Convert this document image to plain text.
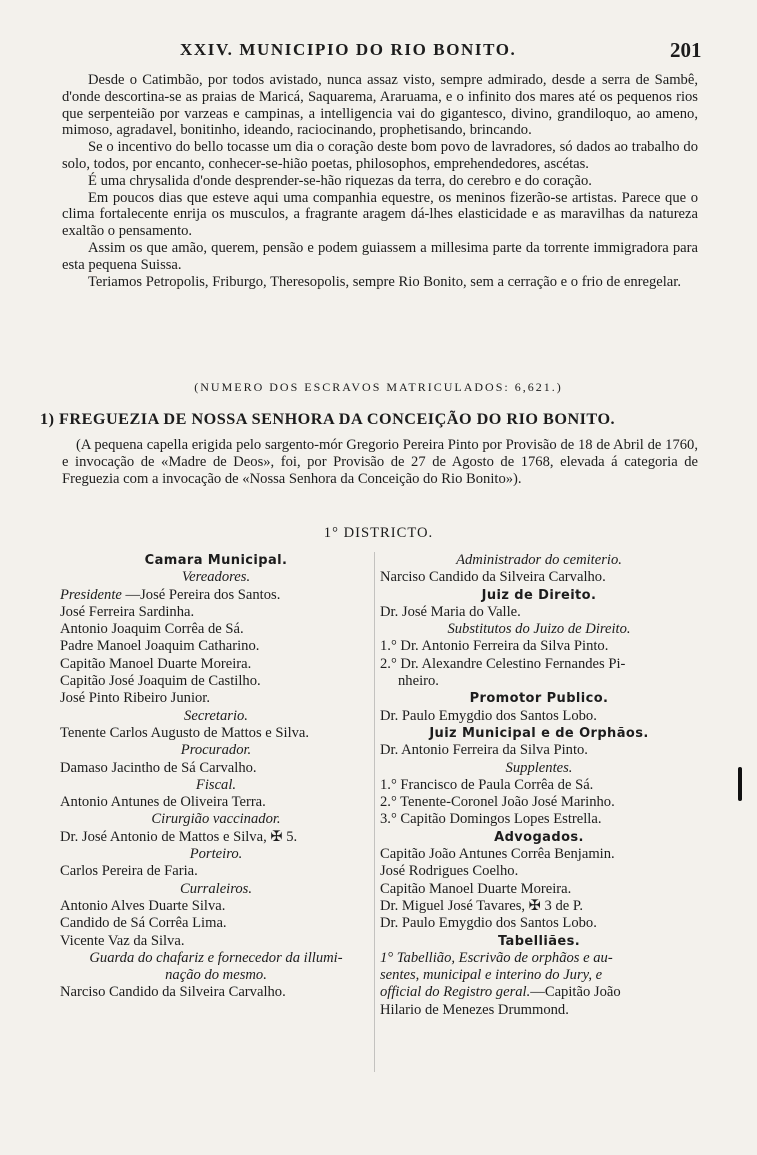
XXIV. MUNICIPIO DO RIO BONITO.	201

Desde o Catimbão, por todos avistado, nunca assaz visto, sempre admirado, desde a serra de Sambê, d'onde descortina-se as praias de Maricá, Saquarema, Araruama, e o infinito dos mares até os pequenos rios que serpenteião por varzeas e campinas, a intelligencia vai do gigantesco, divino, grandiloquo, ao ameno, mimoso, agradavel, bonitinho, ideando, raciocinando, prophetisando, brincando.

Se o incentivo do bello tocasse um dia o coração deste bom povo de lavradores, só dados ao trabalho do solo, todos, por encanto, conhecer-se-hião poetas, philosophos, emprehendedores, ascétas.

É uma chrysalida d'onde desprender-se-hão riquezas da terra, do cerebro e do coração.

Em poucos dias que esteve aqui uma companhia equestre, os meninos fizerão-se artistas. Parece que o clima fortalecente enrija os musculos, a fragrante aragem dá-lhes elasticidade e as maravilhas da natureza exaltão o pensamento.

Assim os que amão, querem, pensão e podem guiassem a millesima parte da torrente immigradora para esta pequena Suissa.

Teriamos Petropolis, Friburgo, Theresopolis, sempre Rio Bonito, sem a cerração e o frio de enregelar.

(NUMERO DOS ESCRAVOS MATRICULADOS: 6,621.)
1) FREGUEZIA DE NOSSA SENHORA DA CONCEIÇÃO DO RIO BONITO.
(A pequena capella erigida pelo sargento-mór Gregorio Pereira Pinto por Provisão de 18 de Abril de 1760, e invocação de «Madre de Deos», foi, por Provisão de 27 de Agosto de 1768, elevada á categoria de Freguezia com a invocação de «Nossa Senhora da Conceição do Rio Bonito»).
1° DISTRICTO.
Camara Municipal.
Vereadores.
Presidente —José Pereira dos Santos.
José Ferreira Sardinha.
Antonio Joaquim Corrêa de Sá.
Padre Manoel Joaquim Catharino.
Capitão Manoel Duarte Moreira.
Capitão José Joaquim de Castilho.
José Pinto Ribeiro Junior.
Secretario.
Tenente Carlos Augusto de Mattos e Silva.
Procurador.
Damaso Jacintho de Sá Carvalho.
Fiscal.
Antonio Antunes de Oliveira Terra.
Cirurgião vaccinador.
Dr. José Antonio de Mattos e Silva, ✠ 5.
Porteiro.
Carlos Pereira de Faria.
Curraleiros.
Antonio Alves Duarte Silva.
Candido de Sá Corrêa Lima.
Vicente Vaz da Silva.
Guarda do chafariz e fornecedor da illumi-
nação do mesmo.
Narciso Candido da Silveira Carvalho.
Administrador do cemiterio.
Narciso Candido da Silveira Carvalho.
Juiz de Direito.
Dr. José Maria do Valle.
Substitutos do Juizo de Direito.
1.° Dr. Antonio Ferreira da Silva Pinto.
2.° Dr. Alexandre Celestino Fernandes Pi-
nheiro.
Promotor Publico.
Dr. Paulo Emygdio dos Santos Lobo.
Juiz Municipal e de Orphãos.
Dr. Antonio Ferreira da Silva Pinto.
Supplentes.
1.° Francisco de Paula Corrêa de Sá.
2.° Tenente-Coronel João José Marinho.
3.° Capitão Domingos Lopes Estrella.
Advogados.
Capitão João Antunes Corrêa Benjamin.
José Rodrigues Coelho.
Capitão Manoel Duarte Moreira.
Dr. Miguel José Tavares, ✠ 3 de P.
Dr. Paulo Emygdio dos Santos Lobo.
Tabelliães.
1° Tabellião, Escrivão de orphãos e au-
sentes, municipal e interino do Jury, e
official do Registro geral.—Capitão João
Hilario de Menezes Drummond.
